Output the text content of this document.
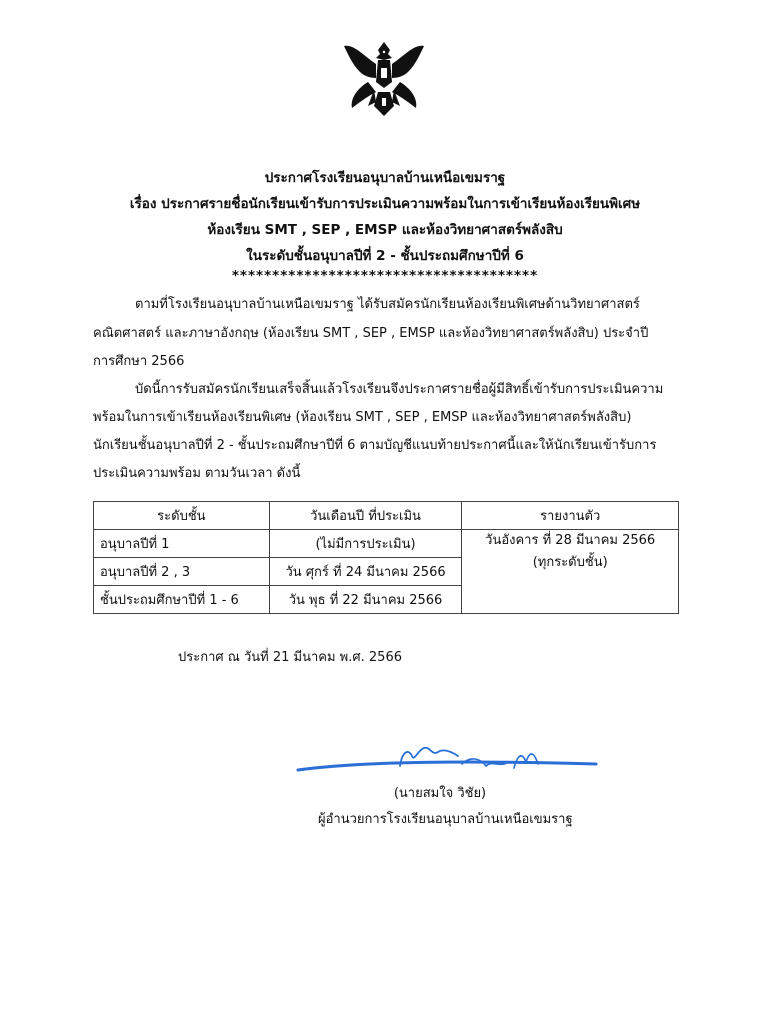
ประกาศโรงเรียนอนุบาลบ้านเหนือเขมราฐ
เรื่อง ประกาศรายชื่อนักเรียนเข้ารับการประเมินความพร้อมในการเข้าเรียนห้องเรียนพิเศษ
ห้องเรียน SMT , SEP , EMSP และห้องวิทยาศาสตร์พลังสิบ
ในระดับชั้นอนุบาลปีที่ 2 - ชั้นประถมศึกษาปีที่ 6
**************************************
ตามที่โรงเรียนอนุบาลบ้านเหนือเขมราฐ ได้รับสมัครนักเรียนห้องเรียนพิเศษด้านวิทยาศาสตร์
คณิตศาสตร์ และภาษาอังกฤษ (ห้องเรียน SMT , SEP , EMSP และห้องวิทยาศาสตร์พลังสิบ) ประจำปี
การศึกษา 2566
บัดนี้การรับสมัครนักเรียนเสร็จสิ้นแล้วโรงเรียนจึงประกาศรายชื่อผู้มีสิทธิ์เข้ารับการประเมินความ
พร้อมในการเข้าเรียนห้องเรียนพิเศษ (ห้องเรียน SMT , SEP , EMSP และห้องวิทยาศาสตร์พลังสิบ)
นักเรียนชั้นอนุบาลปีที่ 2 - ชั้นประถมศึกษาปีที่ 6 ตามบัญชีแนบท้ายประกาศนี้และให้นักเรียนเข้ารับการ
ประเมินความพร้อม ตามวันเวลา ดังนี้
ระดับชั้น	วันเดือนปี ที่ประเมิน	รายงานตัว
อนุบาลปีที่ 1	(ไม่มีการประเมิน)	วันอังคาร ที่ 28 มีนาคม 2566
(ทุกระดับชั้น)

อนุบาลปีที่ 2 , 3	วัน ศุกร์ ที่ 24 มีนาคม 2566	
ชั้นประถมศึกษาปีที่ 1 - 6	วัน พุธ ที่ 22 มีนาคม 2566	
ประกาศ ณ วันที่ 21 มีนาคม พ.ศ. 2566
(นายสมใจ วิชัย)
ผู้อำนวยการโรงเรียนอนุบาลบ้านเหนือเขมราฐ
